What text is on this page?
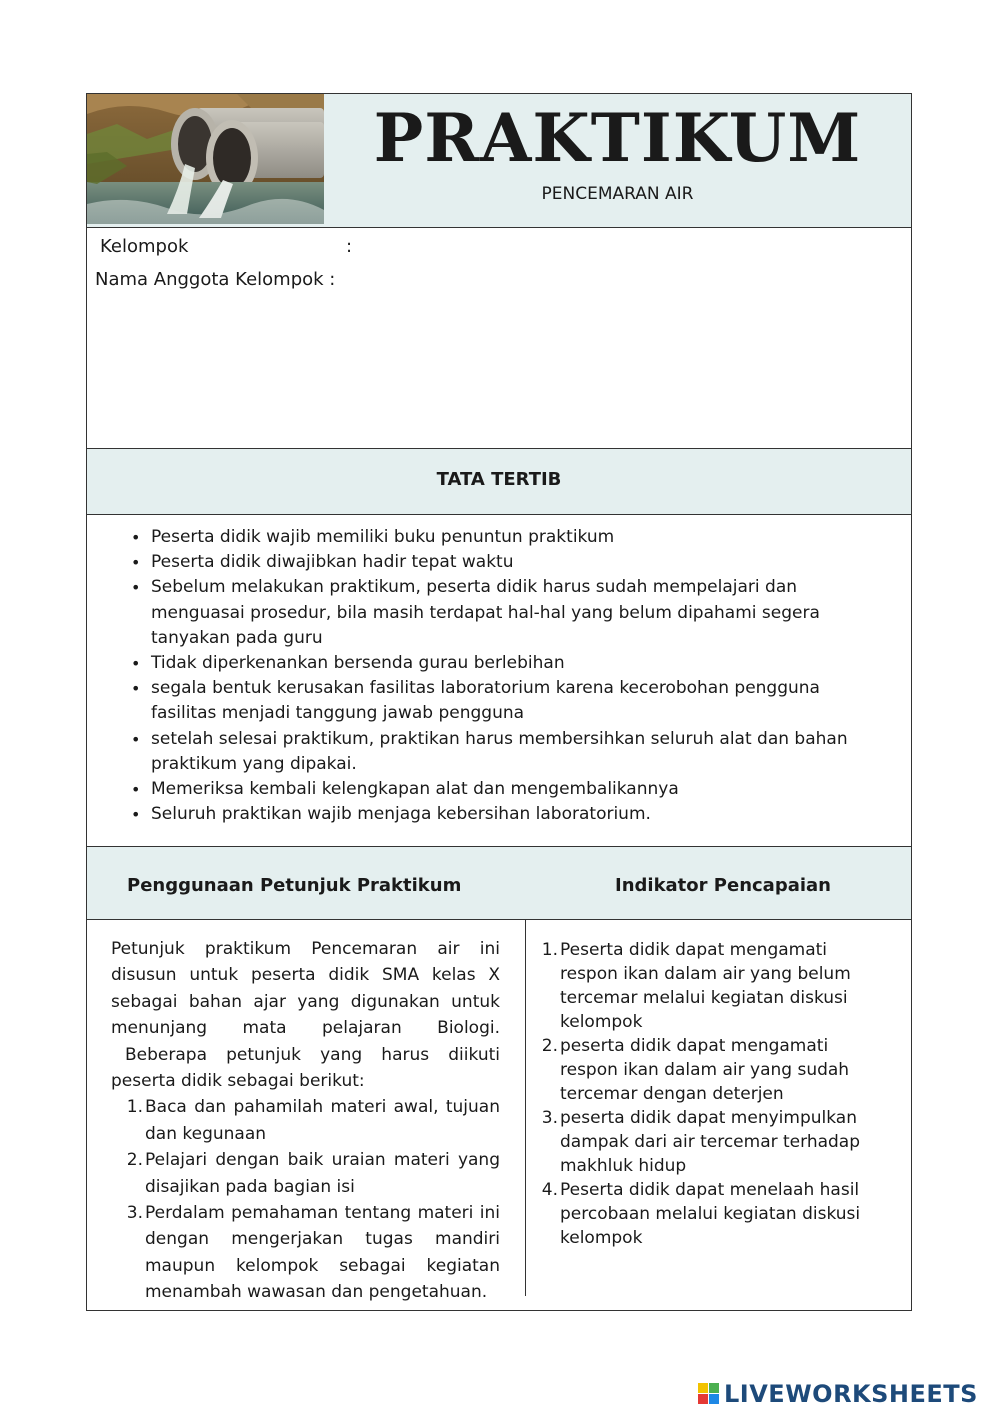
PRAKTIKUM
PENCEMARAN AIR
Kelompok	:
Nama Anggota Kelompok :
TATA TERTIB
• Peserta didik wajib memiliki buku penuntun praktikum
• Peserta didik diwajibkan hadir tepat waktu
• Sebelum melakukan praktikum, peserta didik harus sudah mempelajari dan
menguasai prosedur, bila masih terdapat hal-hal yang belum dipahami segera
tanyakan pada guru
• Tidak diperkenankan bersenda gurau berlebihan
• segala bentuk kerusakan fasilitas laboratorium karena kecerobohan pengguna
fasilitas menjadi tanggung jawab pengguna
• setelah selesai praktikum, praktikan harus membersihkan seluruh alat dan bahan
praktikum yang dipakai.
• Memeriksa kembali kelengkapan alat dan mengembalikannya
• Seluruh praktikan wajib menjaga kebersihan laboratorium.
Penggunaan Petunjuk Praktikum	Indikator Pencapaian
Petunjuk praktikum Pencemaran air ini
disusun untuk peserta didik SMA kelas X
sebagai bahan ajar yang digunakan untuk
menunjang mata pelajaran Biologi.
Beberapa petunjuk yang harus diikuti
peserta didik sebagai berikut:
1. Baca dan pahamilah materi awal, tujuan
dan kegunaan
2. Pelajari dengan baik uraian materi yang
disajikan pada bagian isi
3. Perdalam pemahaman tentang materi ini
dengan mengerjakan tugas mandiri
maupun kelompok sebagai kegiatan
menambah wawasan dan pengetahuan.
1. Peserta didik dapat mengamati
respon ikan dalam air yang belum
tercemar melalui kegiatan diskusi
kelompok
2. peserta didik dapat mengamati
respon ikan dalam air yang sudah
tercemar dengan deterjen
3. peserta didik dapat menyimpulkan
dampak dari air tercemar terhadap
makhluk hidup
4. Peserta didik dapat menelaah hasil
percobaan melalui kegiatan diskusi
kelompok
LIVEWORKSHEETS
